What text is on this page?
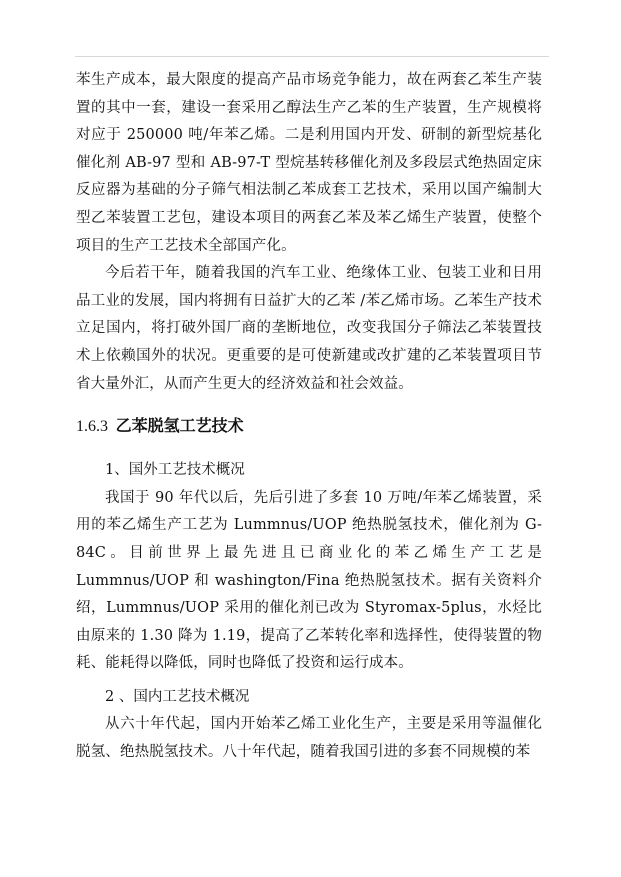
苯生产成本，最大限度的提高产品市场竞争能力，故在两套乙苯生产装置的其中一套，建设一套采用乙醇法生产乙苯的生产装置，生产规模将对应于 250000 吨/年苯乙烯。二是利用国内开发、研制的新型烷基化催化剂 AB-97 型和 AB-97-T 型烷基转移催化剂及多段层式绝热固定床反应器为基础的分子筛气相法制乙苯成套工艺技术，采用以国产编制大型乙苯装置工艺包，建设本项目的两套乙苯及苯乙烯生产装置，使整个项目的生产工艺技术全部国产化。

今后若干年，随着我国的汽车工业、绝缘体工业、包装工业和日用品工业的发展，国内将拥有日益扩大的乙苯 /苯乙烯市场。乙苯生产技术立足国内，将打破外国厂商的垄断地位，改变我国分子筛法乙苯装置技术上依赖国外的状况。更重要的是可使新建或改扩建的乙苯装置项目节省大量外汇，从而产生更大的经济效益和社会效益。

1.6.3 乙苯脱氢工艺技术

1、国外工艺技术概况

我国于 90 年代以后，先后引进了多套 10 万吨/年苯乙烯装置，采用的苯乙烯生产工艺为 Lummnus/UOP 绝热脱氢技术，催化剂为 G-84C。目前世界上最先进且已商业化的苯乙烯生产工艺是 Lummnus/UOP 和 washington/Fina 绝热脱氢技术。据有关资料介绍，Lummnus/UOP 采用的催化剂已改为 Styromax-5plus，水烃比由原来的 1.30 降为 1.19，提高了乙苯转化率和选择性，使得装置的物耗、能耗得以降低，同时也降低了投资和运行成本。

2 、国内工艺技术概况

从六十年代起，国内开始苯乙烯工业化生产，主要是采用等温催化脱氢、绝热脱氢技术。八十年代起，随着我国引进的多套不同规模的苯
